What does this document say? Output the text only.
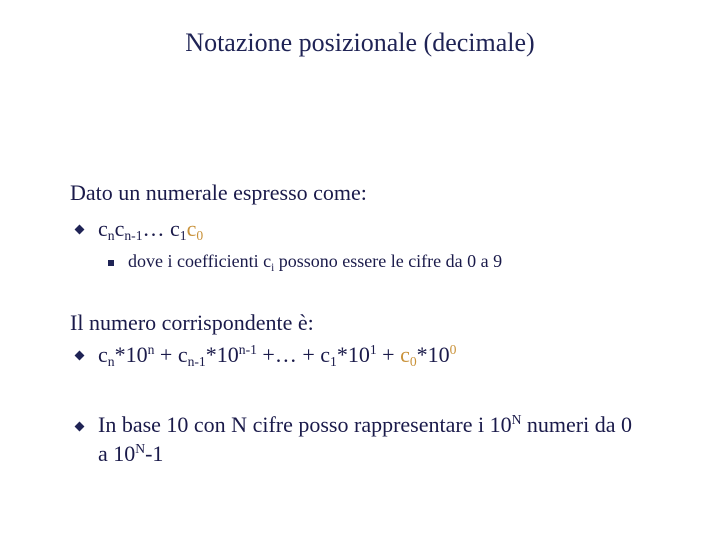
Notazione posizionale (decimale)
Dato un numerale espresso come:
$c_nc_{n-1}\dots$ $c_1c_0$
dove i coefficienti $c_i$ possono essere le cifre da 0 a 9
Il numero corrispondente è:
$c_n*10^n + c_{n-1}*10^{n-1}$ +… + $c_1*10^1 + c_0*10^0$
In base 10 con N cifre posso rappresentare i $10^N$ numeri da 0
a $10^N-1$
